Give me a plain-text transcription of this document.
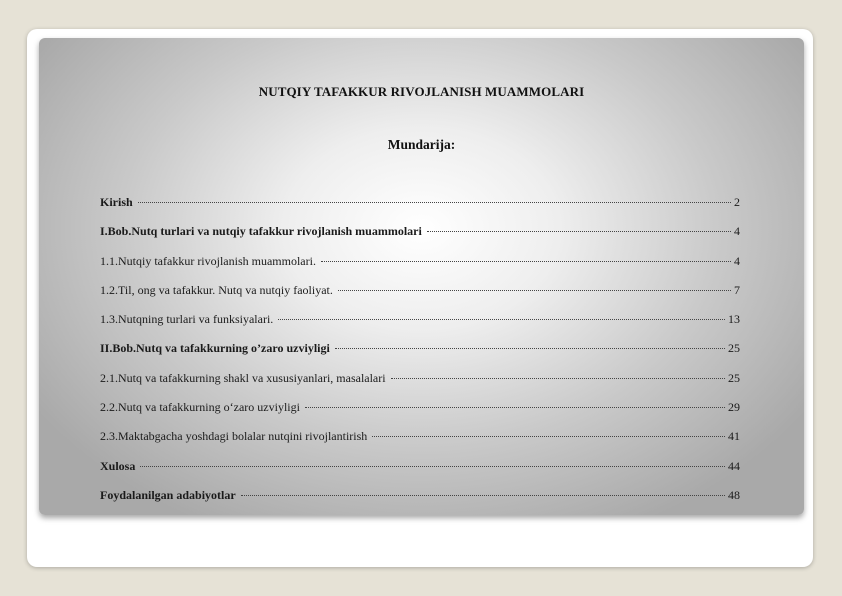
NUTQIY TAFAKKUR RIVOJLANISH MUAMMOLARI
Mundarija:
Kirish	2
I.Bob.Nutq turlari va nutqiy tafakkur rivojlanish muammolari	4
1.1.Nutqiy tafakkur rivojlanish muammolari.	4
1.2.Til, ong va tafakkur. Nutq va nutqiy faoliyat.	7
1.3.Nutqning turlari va funksiyalari.	13
II.Bob.Nutq va tafakkurning o’zaro uzviyligi	25
2.1.Nutq va tafakkurning shakl va xususiyanlari, masalalari	25
2.2.Nutq va tafakkurning o‘zaro uzviyligi	29
2.3.Maktabgacha yoshdagi bolalar nutqini rivojlantirish	41
Xulosa	44
Foydalanilgan adabiyotlar	48
